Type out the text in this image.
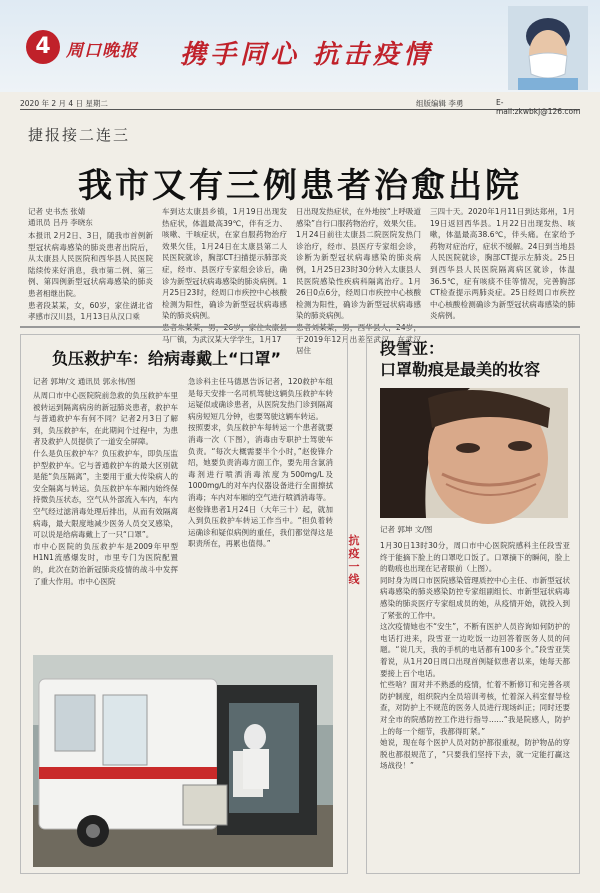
4 周口晚报 携手同心 抗击疫情
2020 年 2 月 4 日 星期二	组版编辑 李勇	E-mail:zkwbkj@126.com
捷报接二连三
我市又有三例患者治愈出院
记者 史书杰 张婧
通讯员 吕丹 李晓东
本报讯 2月2日、3日，随我市首例新型冠状病毒感染的肺炎患者出院后，从太康县人民医院和西华县人民医院陆续传来好消息，我市第二例、第三例、第四例新型冠状病毒感染的肺炎患者相继出院。
患者段某某，女，60岁，家住湖北省孝感市汉川县，1月13日从汉口乘
车到达太康县乡镇，1月19日出现发热症状，体温最高39℃，伴有乏力、咳嗽、干咳症状，在家自服药物治疗效果欠佳，1月24日在太康县第二人民医院就诊，胸部CT扫描提示肺部炎症，经市、县医疗专家组会诊后，确诊为新型冠状病毒感染的肺炎病例。1月25日23时，经周口市疾控中心核酸检测为阳性，确诊为新型冠状病毒感染的肺炎病例。
马厂镇，为武汉某大学学生，1月17
日出现发热症状，在外地按“上呼吸道感染”自行口服药物治疗，效果欠佳。1月24日前往太康县二院医院发热门诊治疗，经市、县医疗专家组会诊，诊断为新型冠状病毒感染的肺炎病例，1月25日23时30分转入太康县人民医院感染性疾病科隔离治疗。1月26日0点6分，经周口市疾控中心核酸检测为阳性，确诊为新型冠状病毒感染的肺炎病例。
于2019年12月出差至武汉，在武汉居住
三四十天。2020年1月11日到达郑州，1月19日返回西华县。1月22日出现发热、咳嗽，体温最高38.6℃，伴头痛。在家给予药物对症治疗，症状不缓解。24日到当地县人民医院就诊，胸部CT提示左肺炎。25日到西华县人民医院隔离病区就诊，体温36.5℃，症有咳痰不佳等情况，完善胸部CT检查提示两肺炎症。25日经周口市疾控中心核酸检测确诊为新型冠状病毒感染的肺炎病例。
负压救护车：给病毒戴上“口罩”
记者 郭坤/文 通讯员 郭永伟/图
从周口市中心医院院前急救的负压救护车里被转运到隔离病房的新冠肺炎患者，救护车与普通救护车有何不同？记者2月3日了解到，负压救护车，在此期间个过程中，为患者及救护人员提供了一道安全屏障。
什么是负压救护车？负压救护车，即负压监护型救护车。它与普通救护车的最大区别就是能“负压隔离”，主要用于重大传染病人的安全隔离与转运。负压救护车车厢内始终保持微负压状态，空气从外部流入车内，车内空气经过滤消毒处理后排出，从而有效隔离病毒，最大限度地减少医务人员交叉感染，可以说是给病毒戴上了一只“口罩”。
市中心医院的负压救护车是2009年甲型H1N1流感爆发时，市里专门为医院配置的，此次在防治新冠肺炎疫情的战斗中发挥了重大作用。市中心医院
急诊科主任马德恩告诉记者，120救护车组是每天安排一名司机驾驶这辆负压救护车转运疑似或确诊患者，从医院发热门诊到隔离病房短短几分钟，也要驾驶这辆车转运。
按照要求，负压救护车每转运一个患者就要消毒一次（下图），消毒由专职护士驾驶车负责。“每次大概需要半个小时，”赵俊锋介绍，她要负责消毒方面工作，要先用含氯消毒剂进行喷洒消毒浓度为500mg/L及1000mg/L的对车内仪器设备进行全面擦拭消毒；车内对车厢的空气进行喷洒消毒等。
赵俊锋患者1月24日（大年三十）起，就加入到负压救护车转运工作当中。“担负着转运确诊和疑似病例的重任，我们都觉得这是职责所在，再累也值得。”	抗疫一线
段雪亚：
口罩勒痕是最美的妆容
记者 郭坤 文/图
1月30日13时30分，周口市中心医院院感科主任段雪亚终于能摘下脸上的口罩吃口饭了。口罩摘下的瞬间，脸上的勒痕也出现在记者眼前（上图）。
同时身为周口市医院感染管理质控中心主任、市新型冠状病毒感染的肺炎感染防控专家组副组长、市新型冠状病毒感染的肺炎医疗专家组成员的她，从疫情开始，就投入到了紧张的工作中。
这次疫情她也不“安生”，不断有医护人员咨询如何防护的电话打进来，段雪亚一边吃饭一边回答着医务人员的问题。“说几天，我的手机的电话都有100多个。”段雪亚笑着说，从1月20日周口出现首例疑似患者以来，她每天都要接上百个电话。
忙些啥？面对并不熟悉的疫情，忙着不断修订和完善各项防护制度，组织院内全员培训考核，忙着深入科室督导检查，对防护上不规范的医务人员进行现场纠正；同时还要对全市的院感防控工作进行指导……“我是院感人，防护上的每一个细节，我都得盯紧。”
她说，现在每个医护人员对防护都很重视，防护物品的穿脱也都很规范了，“只要我们坚持下去，就一定能打赢这场战役！”
